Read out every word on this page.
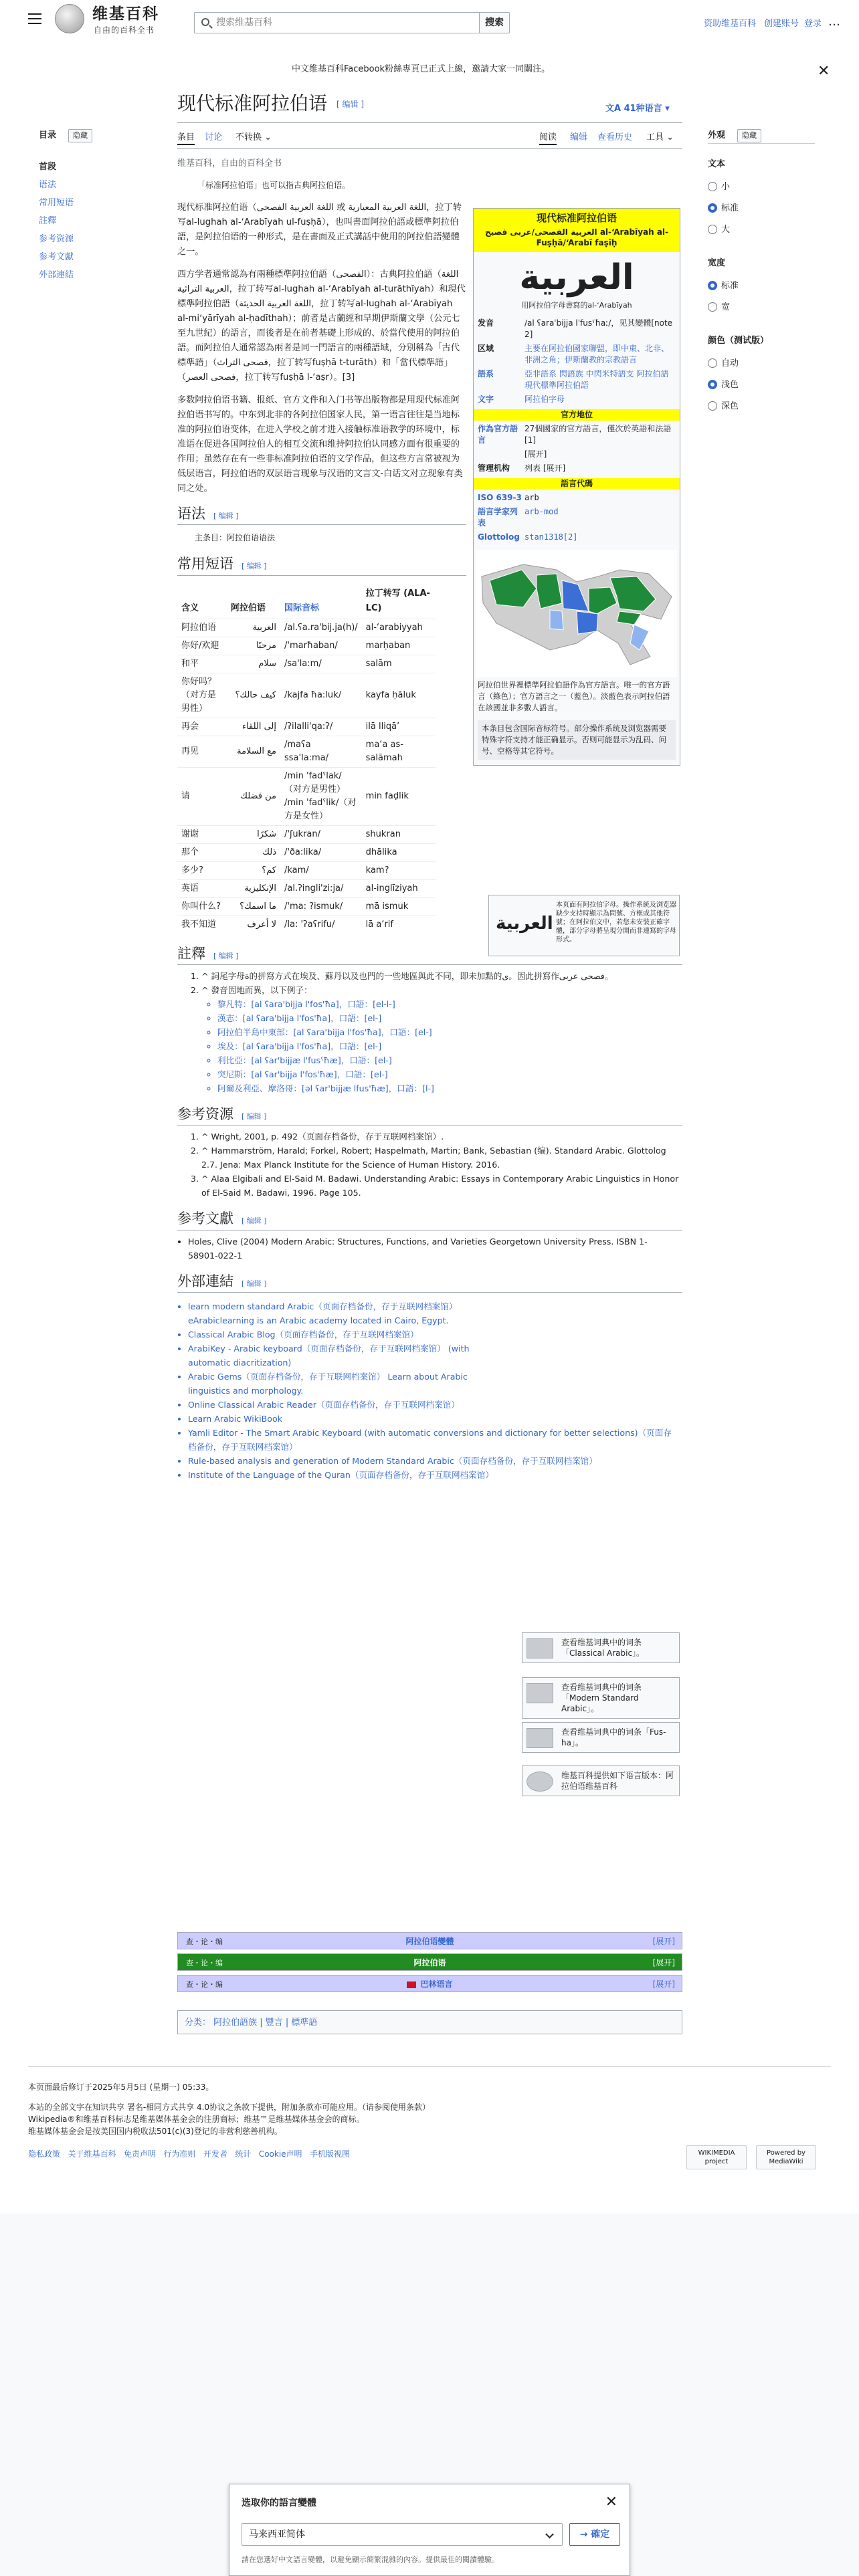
维基百科
自由的百科全书
搜索维基百科
搜索	资助维基百科 创建账号 登录 …
中文维基百科Facebook粉絲專頁已正式上線，邀請大家一同關注。	✕
现代标准阿拉伯语 [ 编辑 ]	文A 41种语言 ▾
条目 讨论 不转换 ⌄	阅读 编辑 查看历史 工具 ⌄
目录	隐藏
首段
语法
常用短语
註釋
参考资源
参考文獻
外部連結
外观	隐藏
文本
小
标准
大
宽度
标准
宽
颜色（测试版）
自动
浅色
深色
维基百科，自由的百科全书
「标准阿拉伯语」也可以指古典阿拉伯语。

现代标准阿拉伯语（اللغة العربية الفصحى 或 اللغة العربية المعيارية，拉丁转写al-lughah al-ʻArabīyah ul-fuṣḥā），也叫書面阿拉伯語或標準阿拉伯語，是阿拉伯语的一种形式，是在書面及正式講話中使用的阿拉伯語變體之一。

西方学者通常認為有兩種標準阿拉伯語（الفصحى）：古典阿拉伯語（اللغة العربية التراثية，拉丁转写al-lughah al-ʻArabīyah al-turāthīyah）和現代標準阿拉伯語（اللغة العربية الحديثة，拉丁转写al-lughah al-ʻArabīyah al-miʻyārīyah al-ḥadīthah）；前者是古蘭經和早期伊斯蘭文學（公元七至九世紀）的語言，而後者是在前者基礎上形成的、於當代使用的阿拉伯語。而阿拉伯人通常認為兩者是同一門語言的兩種語域，分別稱為「古代標準語」（فصحى التراث，拉丁转写fuṣḥā t-turāth）和「當代標準語」（فصحى العصر，拉丁转写fuṣḥā l-ʻaṣr）。[3]

多数阿拉伯语书籍、报纸、官方文件和入门书等出版物都是用现代标准阿拉伯语书写的。中东到北非的各阿拉伯国家人民，第一语言往往是当地标准的阿拉伯语变体，在进入学校之前才进入接触标准语教学的环境中，标准语在促进各国阿拉伯人的相互交流和维持阿拉伯认同感方面有很重要的作用；虽然存在有一些非标准阿拉伯语的文学作品，但这些方言常被视为低层语言，阿拉伯语的双层语言现象与汉语的文言文-白话文对立现象有类同之处。

语法 [ 编辑 ]
主条目：阿拉伯语语法
常用短语 [ 编辑 ]
含义	阿拉伯语	国际音标	拉丁转写 (ALA-LC)
阿拉伯语	العربية	/al.ʕa.ra'bij.ja(h)/	al-‘arabiyyah
你好/欢迎	مرحبًا	/'marħaban/	marḥaban
和平	سلام	/sa'la:m/	salām
你好吗？（对方是男性）	كيف حالك؟	/kajfa ħa:luk/	kayfa ḥāluk
再会	إلى اللقاء	/ʔilalli'qa:ʔ/	ilā lliqā’
再见	مع السلامة	/maʕa ssa'la:ma/	ma‘a as-salāmah
请	من فضلك	/min 'fadˤlak/（对方是男性） /min 'fadˤlik/（对方是女性）	min faḍlik
谢谢	شكرًا	/'ʃukran/	shukran
那个	ذلك	/'ða:lika/	dhālika
多少?	كم؟	/kam/	kam?
英语	الإنكليزية	/al.ʔingli'zi:ja/	al-inglīziyah
你叫什么?	ما اسمك؟	/'ma: ?ismuk/	mā ismuk
我不知道	لا أعرف	/la: 'ʔaʕrifu/	lā a‘rif
註釋 [ 编辑 ]
1. ^ 詞尾字母ة的拼寫方式在埃及、蘇丹以及也門的一些地區與此不同，即未加點的ى。因此拼寫作فصحى عربى。
2. ^ 發音因地而異，以下例子：
◦ 黎凡特：[al ʕara'bijja l'fos'ħa]，口語：[el-l-]
◦ 漢志：[al ʕara'bijja l'fos'ħa]，口語：[el-]
◦ 阿拉伯半島中東部：[al ʕara'bijja l'fos'ħa]，口語：[el-]
◦ 埃及：[al ʕara'bijja l'fos'ħa]，口語：[el-]
◦ 利比亞：[al ʕar'bijjæ l'fusˤħæ]，口語：[el-]
◦ 突尼斯：[al ʕar'bijja l'fos'ħæ]，口語：[el-]
◦ 阿爾及利亞、摩洛哥：[əl ʕar'bijjæ lfus'ħæ]，口語：[l-]
参考资源 [ 编辑 ]
1. ^ Wright, 2001, p. 492（页面存档备份，存于互联网档案馆）.
2. ^ Hammarström, Harald; Forkel, Robert; Haspelmath, Martin; Bank, Sebastian (编). Standard Arabic. Glottolog 2.7. Jena: Max Planck Institute for the Science of Human History. 2016.
3. ^ Alaa Elgibali and El-Said M. Badawi. Understanding Arabic: Essays in Contemporary Arabic Linguistics in Honor of El-Said M. Badawi, 1996. Page 105.
参考文獻 [ 编辑 ]
• Holes, Clive (2004) Modern Arabic: Structures, Functions, and Varieties Georgetown University Press. ISBN 1-58901-022-1
外部連結 [ 编辑 ]
• learn modern standard Arabic（页面存档备份，存于互联网档案馆） eArabiclearning is an Arabic academy located in Cairo, Egypt.
• Classical Arabic Blog（页面存档备份，存于互联网档案馆）
• ArabiKey - Arabic keyboard（页面存档备份，存于互联网档案馆） (with automatic diacritization)
• Arabic Gems（页面存档备份，存于互联网档案馆） Learn about Arabic linguistics and morphology.
• Online Classical Arabic Reader（页面存档备份，存于互联网档案馆）
• Learn Arabic WikiBook
• Yamli Editor - The Smart Arabic Keyboard (with automatic conversions and dictionary for better selections)（页面存档备份，存于互联网档案馆）
• Rule-based analysis and generation of Modern Standard Arabic（页面存档备份，存于互联网档案馆）
• Institute of the Language of the Quran（页面存档备份，存于互联网档案馆）
现代标准阿拉伯语
العربية الفصحى/عربى فصيح al-ʻArabīyah al-Fuṣḥā/ʻArabī faṣīḥ
العربية
用阿拉伯字母書寫的al-ʻArabīyah
发音	/al ʕaraˈbijja lˈfusˤħaː/，见其變體[note 2]
区域	主要在阿拉伯國家聯盟，即中東、北非、非洲之角；伊斯蘭教的宗教語言
語系	亞非語系 閃語族 中閃米特語支 阿拉伯語 現代標準阿拉伯語
文字	阿拉伯字母
官方地位
作為官方語言
27個國家的官方語言，僅次於英語和法語[1]
[展开]
管理机构	列表 [展开]
語言代碼
ISO 639-3 arb
語言学家列表
arb-mod
Glottolog stan1318[2]
阿拉伯世界裡標準阿拉伯語作為官方語言。唯一的官方語言（綠色）；官方語言之一（藍色）。淡藍色表示阿拉伯語在該國並非多數人語言。
本条目包含国际音标符号。部分操作系统及浏览器需要特殊字符支持才能正确显示。否则可能显示为乱码、问号、空格等其它符号。
العربية
本页面有阿拉伯字母。操作系統及浏览器缺少支持時顯示為問號、方框或其他符號；在阿拉伯文中，若您未安裝正確字體，部分字母將呈現分開而非連寫的字母形式。
查看维基词典中的词条「Classical Arabic」。
查看维基词典中的词条「Modern Standard Arabic」。
查看维基词典中的词条「Fus-ha」。
维基百科提供如下语言版本：阿拉伯语维基百科
查・论・编	阿拉伯语變體	[展开]
查・论・编	阿拉伯语	[展开]
查・论・编	巴林语言	[展开]
分类： 阿拉伯語族 | 豐言 | 標準語
本页面最后修订于2025年5月5日 (星期一) 05:33。
本站的全部文字在知识共享 署名-相同方式共享 4.0协议之条款下提供，附加条款亦可能应用。（请参阅使用条款）
Wikipedia®和维基百科标志是维基媒体基金会的注册商标；维基™是维基媒体基金会的商标。
维基媒体基金会是按美国国内税收法501(c)(3)登记的非营利慈善机构。
隐私政策 关于维基百科 免责声明 行为准则 开发者 统计 Cookie声明 手机版视图	WIKIMEDIA project
Powered by MediaWiki
选取你的語言變體	✕
马来西亚简体	→ 確定
請在您選好中文語言變體，以避免顯示簡繁混雜的內容。提供最佳的閱讀體驗。
